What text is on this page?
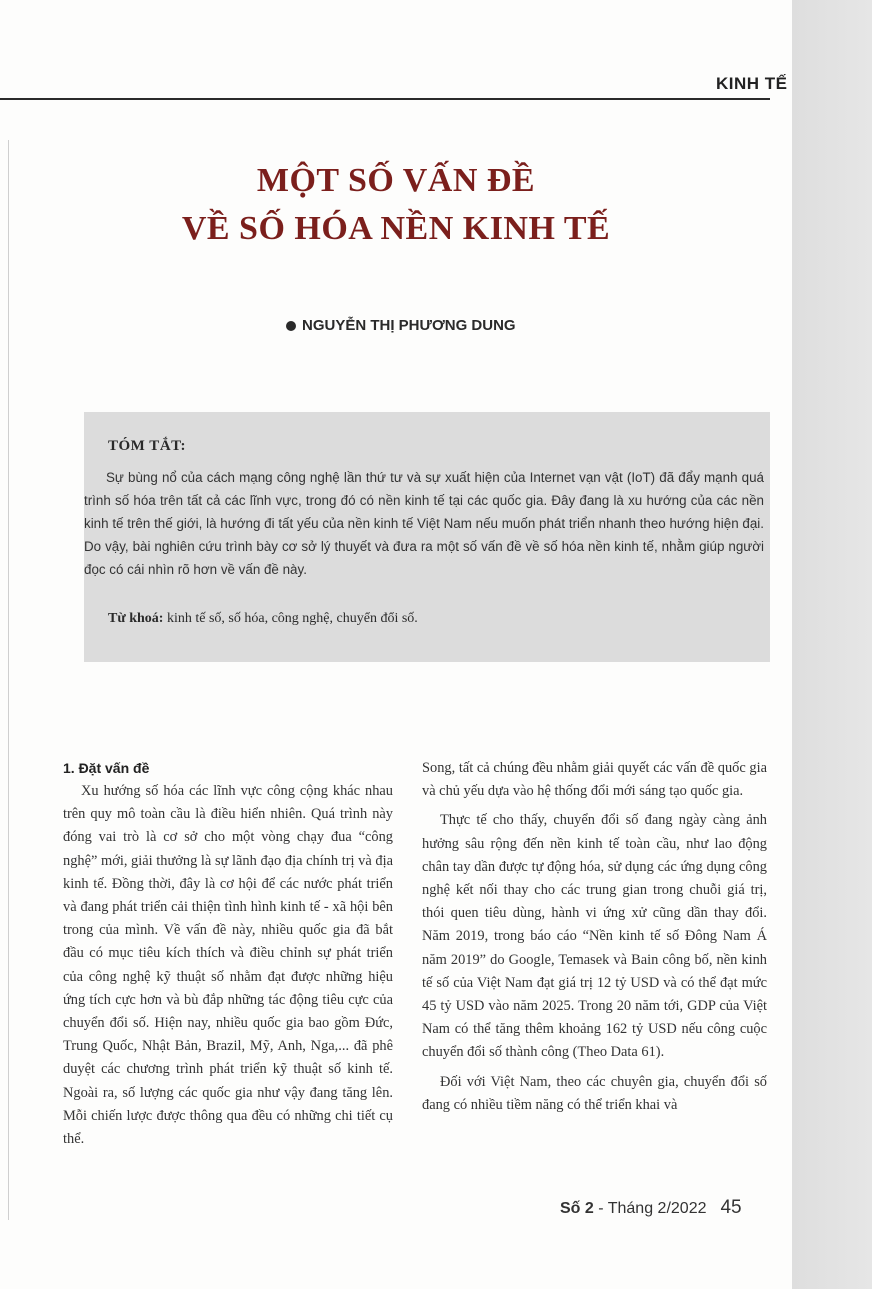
KINH TẾ
MỘT SỐ VẤN ĐỀ
VỀ SỐ HÓA NỀN KINH TẾ
NGUYỄN THỊ PHƯƠNG DUNG
TÓM TẮT:
Sự bùng nổ của cách mạng công nghệ lần thứ tư và sự xuất hiện của Internet vạn vật (IoT) đã đẩy mạnh quá trình số hóa trên tất cả các lĩnh vực, trong đó có nền kinh tế tại các quốc gia. Đây đang là xu hướng của các nền kinh tế trên thế giới, là hướng đi tất yếu của nền kinh tế Việt Nam nếu muốn phát triển nhanh theo hướng hiện đại. Do vậy, bài nghiên cứu trình bày cơ sở lý thuyết và đưa ra một số vấn đề về số hóa nền kinh tế, nhằm giúp người đọc có cái nhìn rõ hơn về vấn đề này.
Từ khoá: kinh tế số, số hóa, công nghệ, chuyển đổi số.
1. Đặt vấn đề

Xu hướng số hóa các lĩnh vực công cộng khác nhau trên quy mô toàn cầu là điều hiển nhiên. Quá trình này đóng vai trò là cơ sở cho một vòng chạy đua “công nghệ” mới, giải thưởng là sự lãnh đạo địa chính trị và địa kinh tế. Đồng thời, đây là cơ hội để các nước phát triển và đang phát triển cải thiện tình hình kinh tế - xã hội bên trong của mình. Về vấn đề này, nhiều quốc gia đã bắt đầu có mục tiêu kích thích và điều chỉnh sự phát triển của công nghệ kỹ thuật số nhằm đạt được những hiệu ứng tích cực hơn và bù đắp những tác động tiêu cực của chuyển đổi số. Hiện nay, nhiều quốc gia bao gồm Đức, Trung Quốc, Nhật Bản, Brazil, Mỹ, Anh, Nga,... đã phê duyệt các chương trình phát triển kỹ thuật số kinh tế. Ngoài ra, số lượng các quốc gia như vậy đang tăng lên. Mỗi chiến lược được thông qua đều có những chi tiết cụ thể.

Song, tất cả chúng đều nhằm giải quyết các vấn đề quốc gia và chủ yếu dựa vào hệ thống đổi mới sáng tạo quốc gia.

Thực tế cho thấy, chuyển đổi số đang ngày càng ảnh hưởng sâu rộng đến nền kinh tế toàn cầu, như lao động chân tay dần được tự động hóa, sử dụng các ứng dụng công nghệ kết nối thay cho các trung gian trong chuỗi giá trị, thói quen tiêu dùng, hành vi ứng xử cũng dần thay đổi. Năm 2019, trong báo cáo “Nền kinh tế số Đông Nam Á năm 2019” do Google, Temasek và Bain công bố, nền kinh tế số của Việt Nam đạt giá trị 12 tỷ USD và có thể đạt mức 45 tỷ USD vào năm 2025. Trong 20 năm tới, GDP của Việt Nam có thể tăng thêm khoảng 162 tỷ USD nếu công cuộc chuyển đổi số thành công (Theo Data 61).

Đối với Việt Nam, theo các chuyên gia, chuyển đổi số đang có nhiều tiềm năng có thể triển khai và

Số 2 - Tháng 2/2022 45
